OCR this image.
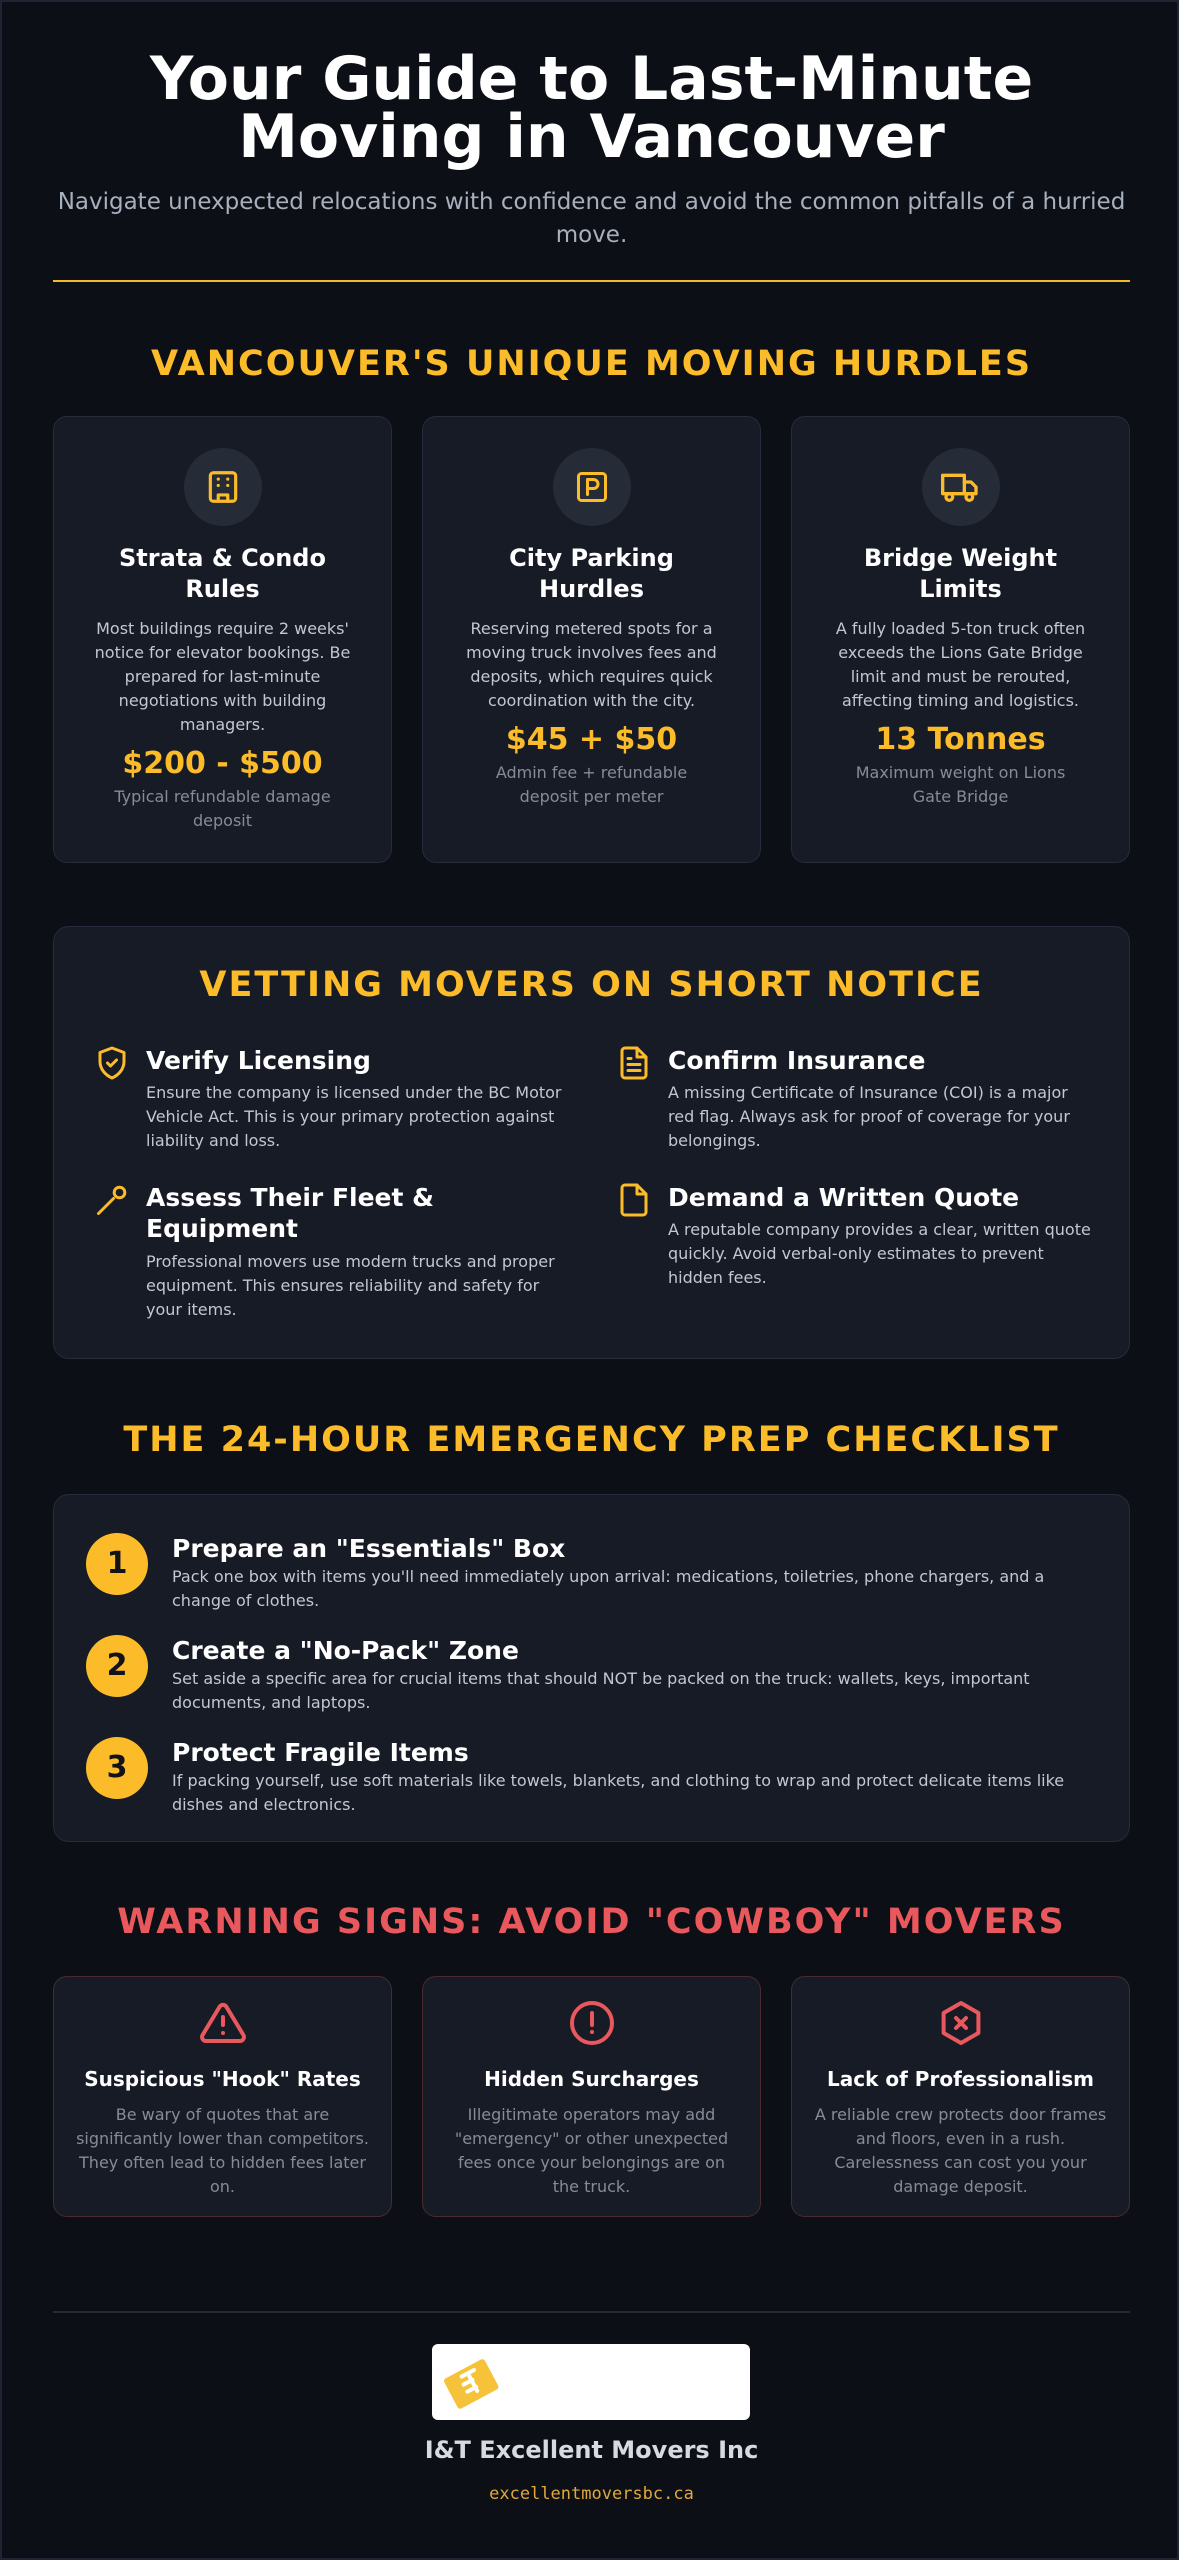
Your Guide to Last-Minute
Moving in Vancouver
Navigate unexpected relocations with confidence and avoid the common pitfalls of a hurried move.
VANCOUVER'S UNIQUE MOVING HURDLES
Strata & Condo Rules
Most buildings require 2 weeks' notice for elevator bookings. Be prepared for last-minute negotiations with building managers.
$200 - $500
Typical refundable damage deposit
City Parking Hurdles
Reserving metered spots for a moving truck involves fees and deposits, which requires quick coordination with the city.
$45 + $50
Admin fee + refundable deposit per meter
Bridge Weight Limits
A fully loaded 5-ton truck often exceeds the Lions Gate Bridge limit and must be rerouted, affecting timing and logistics.
13 Tonnes
Maximum weight on Lions Gate Bridge
VETTING MOVERS ON SHORT NOTICE
Verify Licensing
Ensure the company is licensed under the BC Motor Vehicle Act. This is your primary protection against liability and loss.
Confirm Insurance
A missing Certificate of Insurance (COI) is a major red flag. Always ask for proof of coverage for your belongings.
Assess Their Fleet & Equipment
Professional movers use modern trucks and proper equipment. This ensures reliability and safety for your items.
Demand a Written Quote
A reputable company provides a clear, written quote quickly. Avoid verbal-only estimates to prevent hidden fees.
THE 24-HOUR EMERGENCY PREP CHECKLIST
1	Prepare an "Essentials" Box
Pack one box with items you'll need immediately upon arrival: medications, toiletries, phone chargers, and a change of clothes.
2	Create a "No-Pack" Zone
Set aside a specific area for crucial items that should NOT be packed on the truck: wallets, keys, important documents, and laptops.
3	Protect Fragile Items
If packing yourself, use soft materials like towels, blankets, and clothing to wrap and protect delicate items like dishes and electronics.
WARNING SIGNS: AVOID "COWBOY" MOVERS
Suspicious "Hook" Rates
Be wary of quotes that are significantly lower than competitors. They often lead to hidden fees later on.
Hidden Surcharges
Illegitimate operators may add "emergency" or other unexpected fees once your belongings are on the truck.
Lack of Professionalism
A reliable crew protects door frames and floors, even in a rush. Carelessness can cost you your damage deposit.
I&T Excellent Movers Inc
excellentmoversbc.ca
